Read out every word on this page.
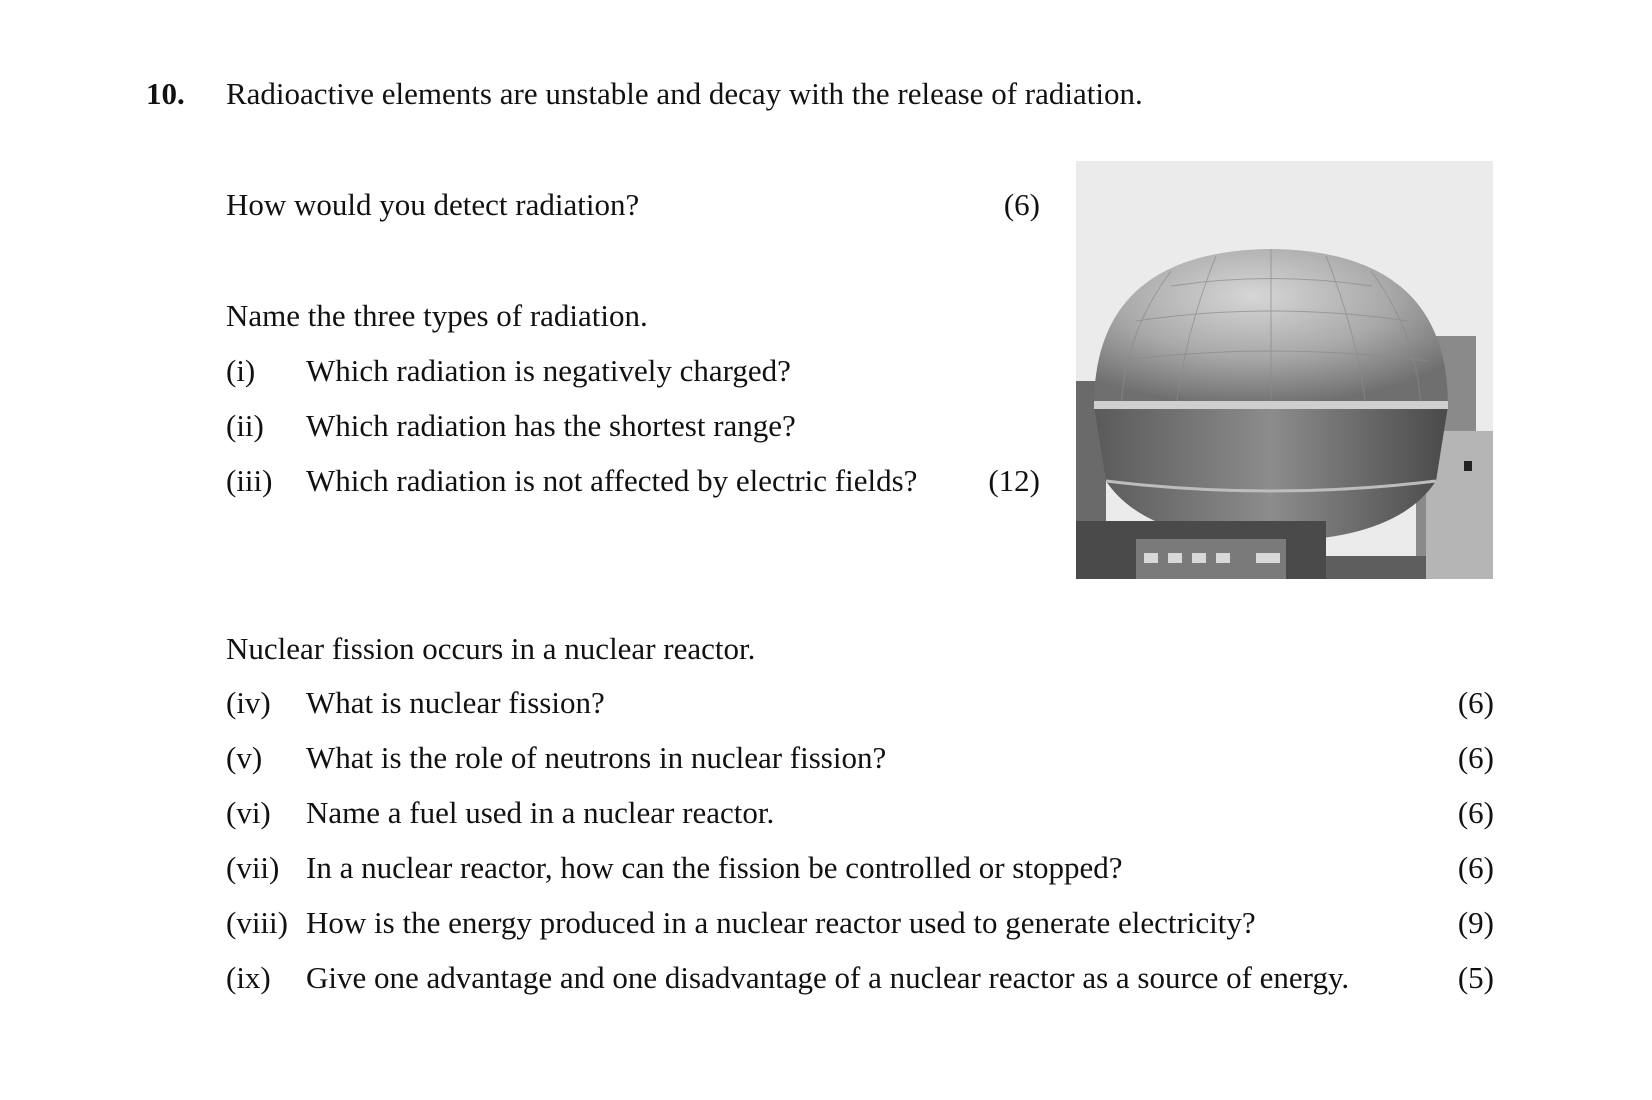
10. Radioactive elements are unstable and decay with the release of radiation.
How would you detect radiation?	(6)
Name the three types of radiation.
(i) Which radiation is negatively charged?
(ii) Which radiation has the shortest range?
(iii) Which radiation is not affected by electric fields?	(12)
Nuclear fission occurs in a nuclear reactor.
(iv) What is nuclear fission?	(6)
(v) What is the role of neutrons in nuclear fission?	(6)
(vi) Name a fuel used in a nuclear reactor.	(6)
(vii) In a nuclear reactor, how can the fission be controlled or stopped?	(6)
(viii) How is the energy produced in a nuclear reactor used to generate electricity?	(9)
(ix) Give one advantage and one disadvantage of a nuclear reactor as a source of energy.	(5)
